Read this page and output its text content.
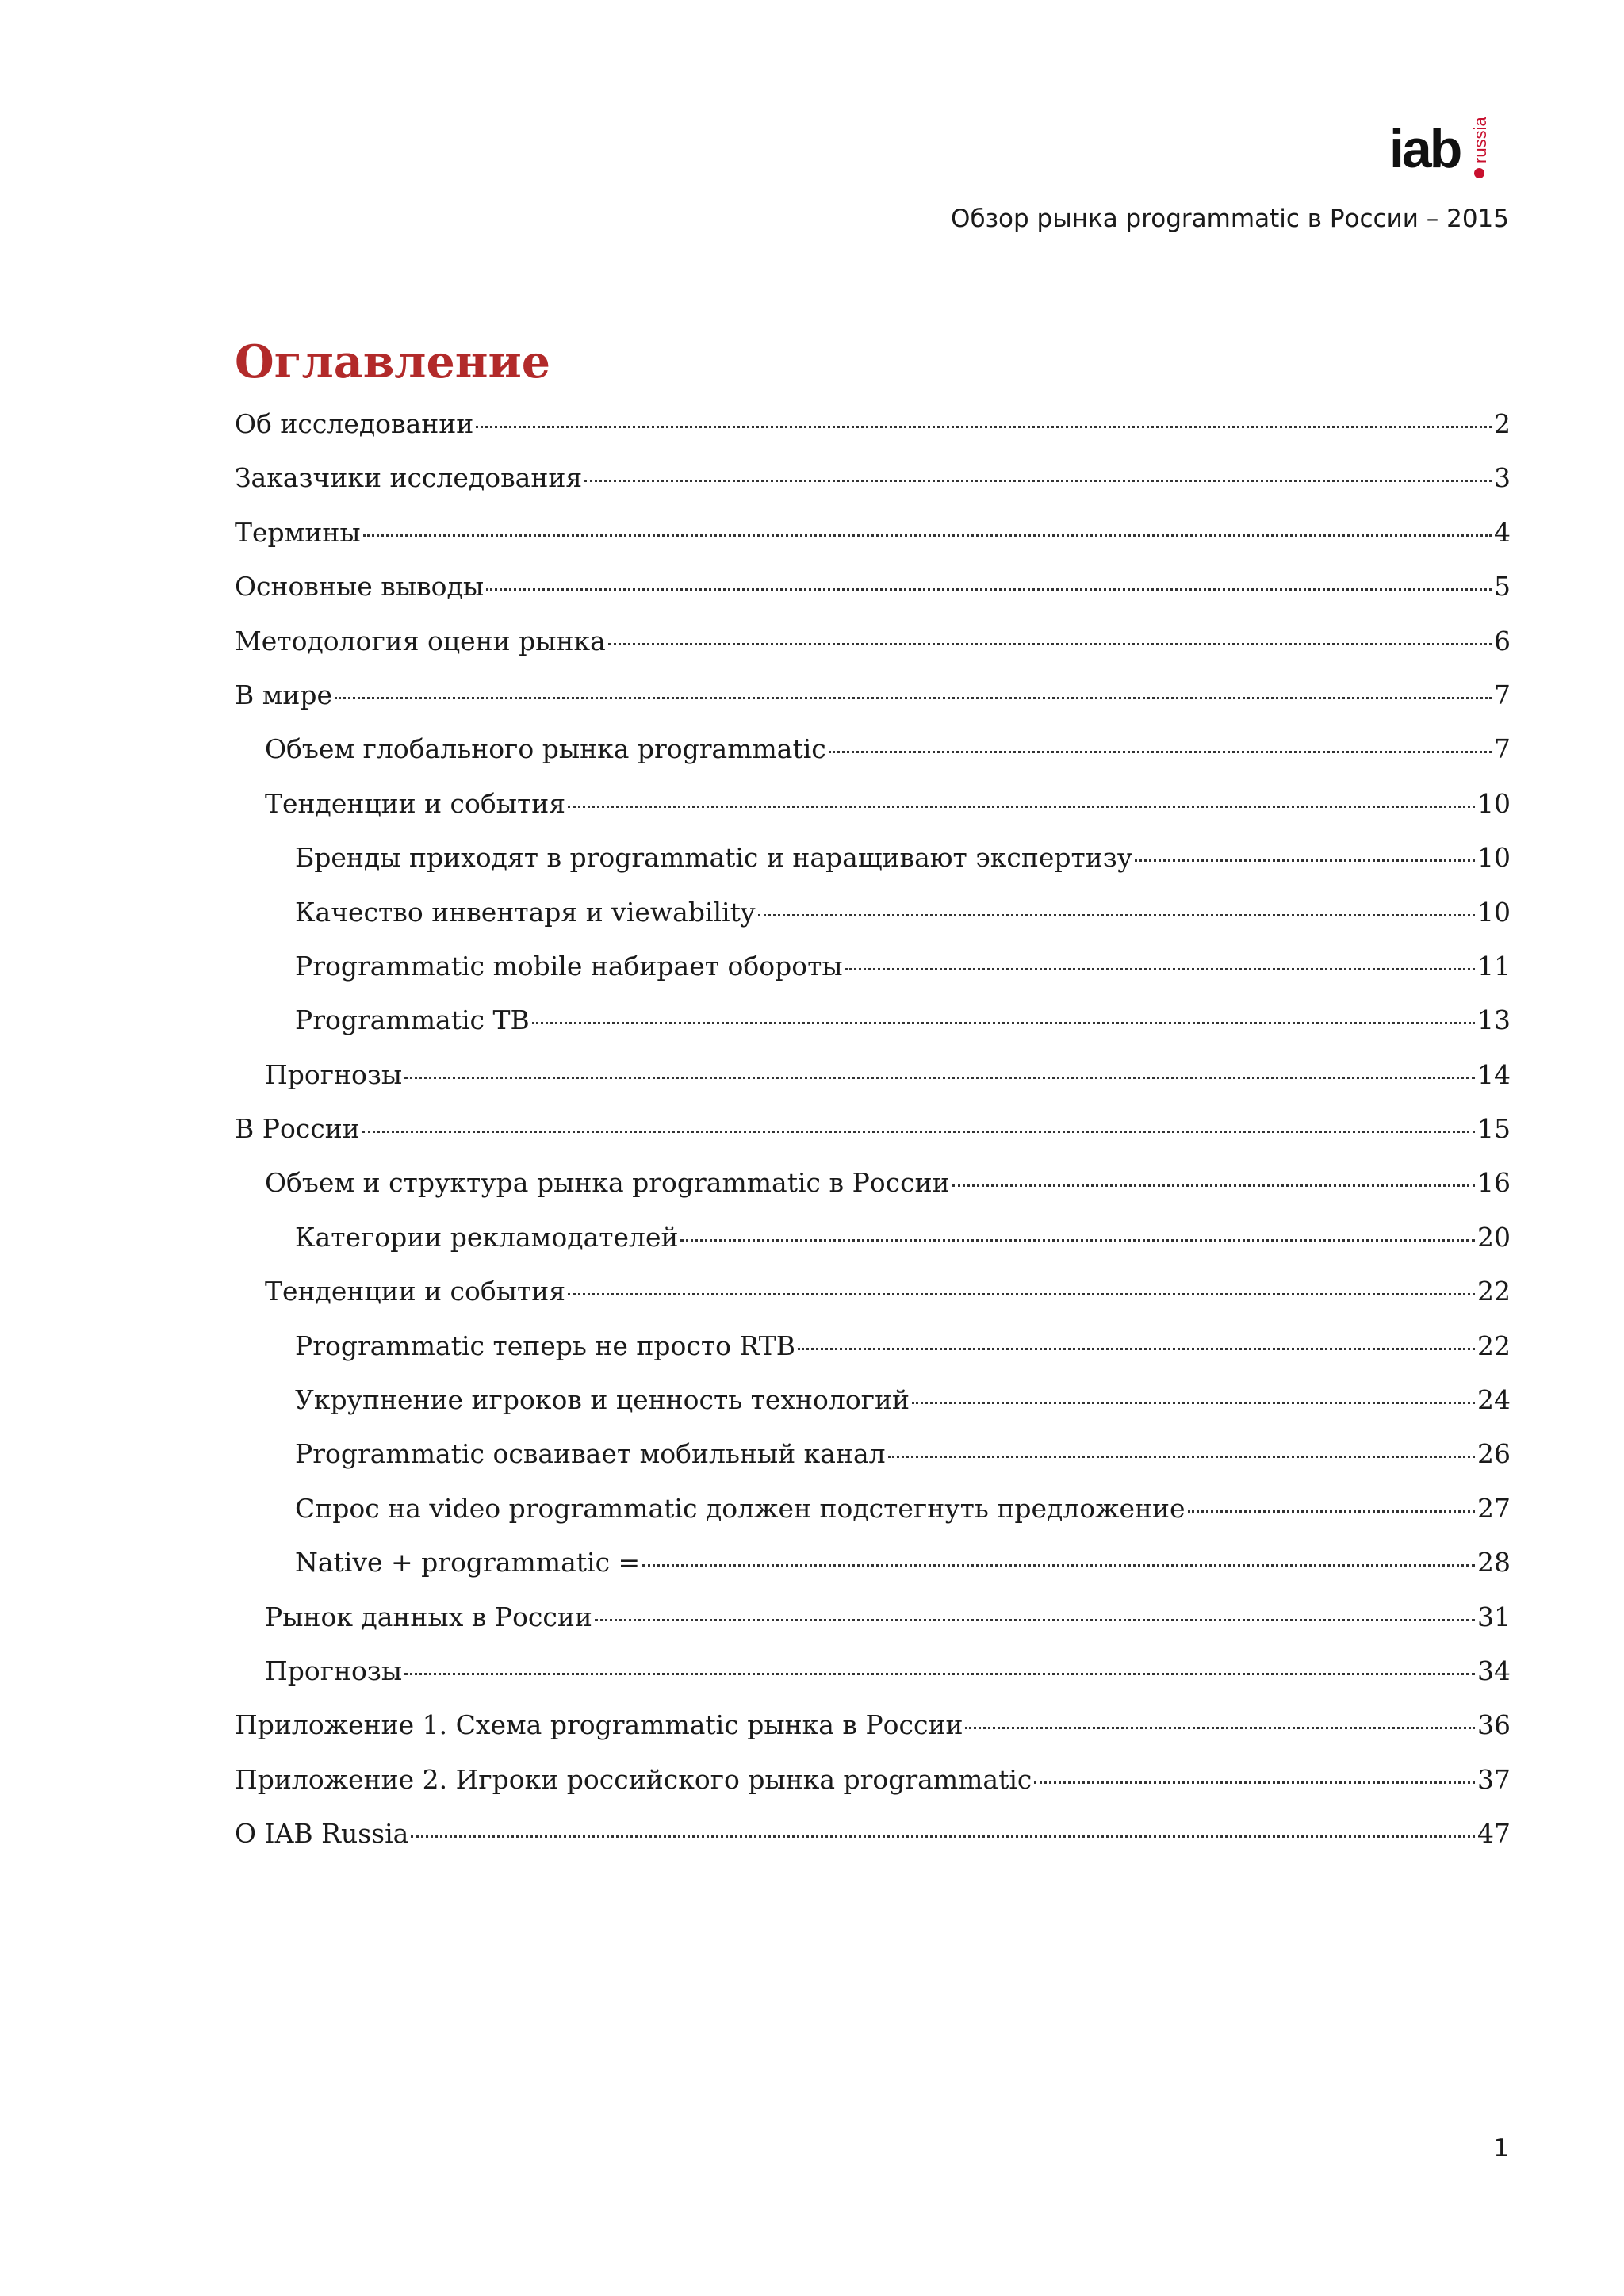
iab russia
Обзор рынка programmatic в России – 2015
Оглавление
Об исследовании	2
Заказчики исследования	3
Термины	4
Основные выводы	5
Методология оцени рынка	6
В мире	7
Объем глобального рынка programmatic	7
Тенденции и события	10
Бренды приходят в programmatic и наращивают экспертизу	10
Качество инвентаря и viewability	10
Programmatic mobile набирает обороты	11
Programmatic ТВ	13
Прогнозы	14
В России	15
Объем и структура рынка programmatic в России	16
Категории рекламодателей	20
Тенденции и события	22
Programmatic теперь не просто RTB	22
Укрупнение игроков и ценность технологий	24
Programmatic осваивает мобильный канал	26
Спрос на video programmatic должен подстегнуть предложение	27
Native + programmatic =	28
Рынок данных в России	31
Прогнозы	34
Приложение 1. Схема programmatic рынка в России	36
Приложение 2. Игроки российского рынка programmatic	37
O IAB Russia	47
1
